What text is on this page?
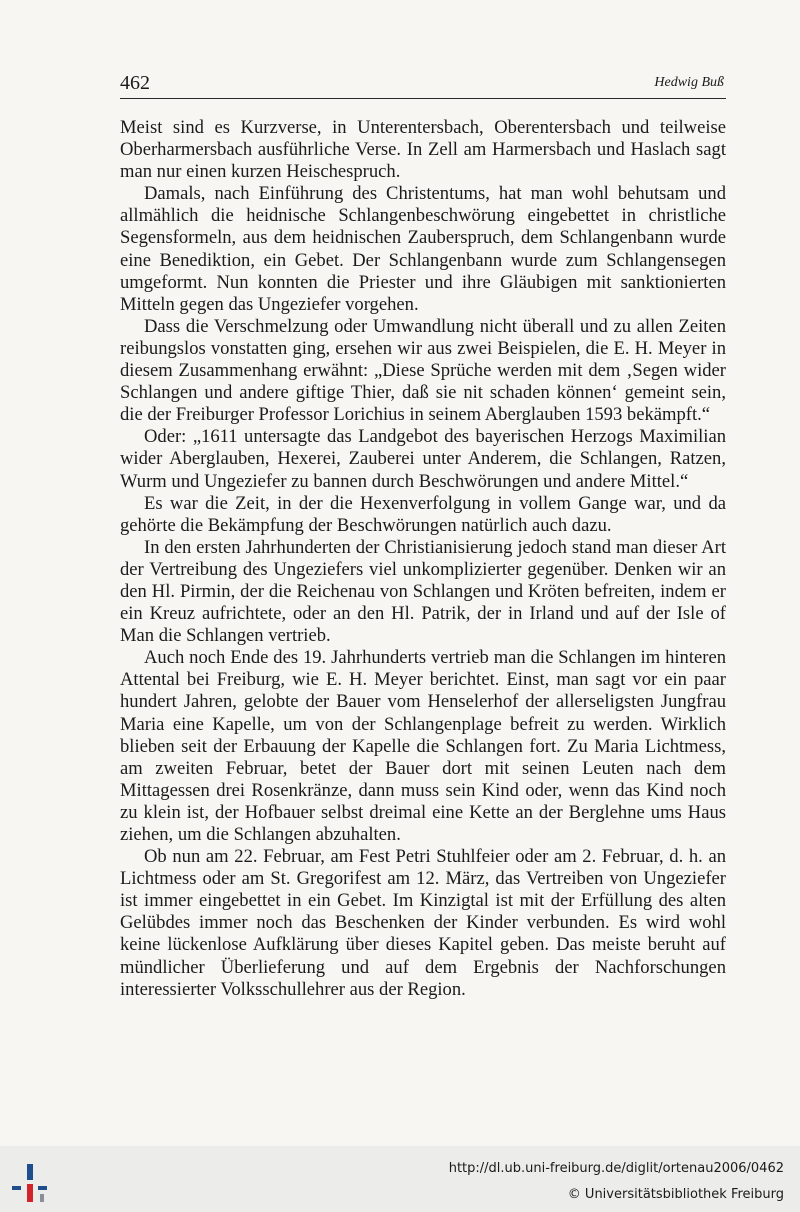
462	Hedwig Buß

Meist sind es Kurzverse, in Unterentersbach, Oberentersbach und teilweise Oberharmersbach ausführliche Verse. In Zell am Harmersbach und Haslach sagt man nur einen kurzen Heischespruch.

Damals, nach Einführung des Christentums, hat man wohl behutsam und allmählich die heidnische Schlangenbeschwörung eingebettet in christliche Segensformeln, aus dem heidnischen Zauberspruch, dem Schlangenbann wurde eine Benediktion, ein Gebet. Der Schlangenbann wurde zum Schlangensegen umgeformt. Nun konnten die Priester und ihre Gläubigen mit sanktionierten Mitteln gegen das Ungeziefer vorgehen.

Dass die Verschmelzung oder Umwandlung nicht überall und zu allen Zeiten reibungslos vonstatten ging, ersehen wir aus zwei Beispielen, die E. H. Meyer in diesem Zusammenhang erwähnt: „Diese Sprüche werden mit dem ‚Segen wider Schlangen und andere giftige Thier, daß sie nit schaden können‘ gemeint sein, die der Freiburger Professor Lorichius in seinem Aberglauben 1593 bekämpft.“

Oder: „1611 untersagte das Landgebot des bayerischen Herzogs Maximilian wider Aberglauben, Hexerei, Zauberei unter Anderem, die Schlangen, Ratzen, Wurm und Ungeziefer zu bannen durch Beschwörungen und andere Mittel.“

Es war die Zeit, in der die Hexenverfolgung in vollem Gange war, und da gehörte die Bekämpfung der Beschwörungen natürlich auch dazu.

In den ersten Jahrhunderten der Christianisierung jedoch stand man dieser Art der Vertreibung des Ungeziefers viel unkomplizierter gegenüber. Denken wir an den Hl. Pirmin, der die Reichenau von Schlangen und Kröten befreiten, indem er ein Kreuz aufrichtete, oder an den Hl. Patrik, der in Irland und auf der Isle of Man die Schlangen vertrieb.

Auch noch Ende des 19. Jahrhunderts vertrieb man die Schlangen im hinteren Attental bei Freiburg, wie E. H. Meyer berichtet. Einst, man sagt vor ein paar hundert Jahren, gelobte der Bauer vom Henselerhof der allerseligsten Jungfrau Maria eine Kapelle, um von der Schlangenplage befreit zu werden. Wirklich blieben seit der Erbauung der Kapelle die Schlangen fort. Zu Maria Lichtmess, am zweiten Februar, betet der Bauer dort mit seinen Leuten nach dem Mittagessen drei Rosenkränze, dann muss sein Kind oder, wenn das Kind noch zu klein ist, der Hofbauer selbst dreimal eine Kette an der Berglehne ums Haus ziehen, um die Schlangen abzuhalten.

Ob nun am 22. Februar, am Fest Petri Stuhlfeier oder am 2. Februar, d. h. an Lichtmess oder am St. Gregorifest am 12. März, das Vertreiben von Ungeziefer ist immer eingebettet in ein Gebet. Im Kinzigtal ist mit der Erfüllung des alten Gelübdes immer noch das Beschenken der Kinder verbunden. Es wird wohl keine lückenlose Aufklärung über dieses Kapitel geben. Das meiste beruht auf mündlicher Überlieferung und auf dem Ergebnis der Nachforschungen interessierter Volksschullehrer aus der Region.

http://dl.ub.uni-freiburg.de/diglit/ortenau2006/0462
© Universitätsbibliothek Freiburg
